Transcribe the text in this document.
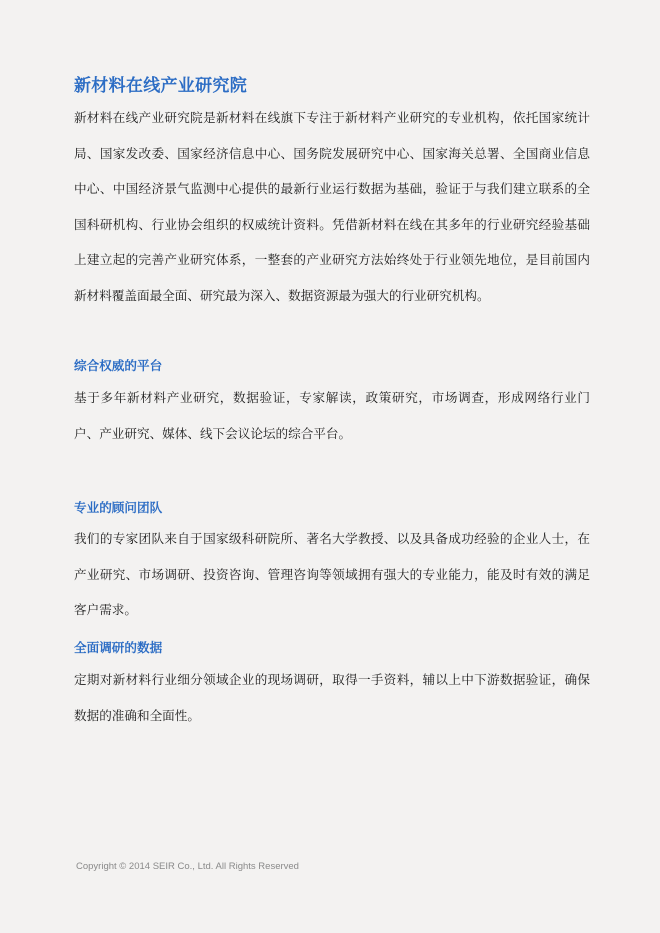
新材料在线产业研究院

新材料在线产业研究院是新材料在线旗下专注于新材料产业研究的专业机构，依托国家统计局、国家发改委、国家经济信息中心、国务院发展研究中心、国家海关总署、全国商业信息中心、中国经济景气监测中心提供的最新行业运行数据为基础，验证于与我们建立联系的全国科研机构、行业协会组织的权威统计资料。凭借新材料在线在其多年的行业研究经验基础上建立起的完善产业研究体系，一整套的产业研究方法始终处于行业领先地位，是目前国内新材料覆盖面最全面、研究最为深入、数据资源最为强大的行业研究机构。

综合权威的平台

基于多年新材料产业研究，数据验证，专家解读，政策研究，市场调查，形成网络行业门户、产业研究、媒体、线下会议论坛的综合平台。

专业的顾问团队

我们的专家团队来自于国家级科研院所、著名大学教授、以及具备成功经验的企业人士，在产业研究、市场调研、投资咨询、管理咨询等领域拥有强大的专业能力，能及时有效的满足客户需求。

全面调研的数据

定期对新材料行业细分领域企业的现场调研，取得一手资料，辅以上中下游数据验证，确保数据的准确和全面性。

Copyright © 2014 SEIR Co., Ltd. All Rights Reserved
